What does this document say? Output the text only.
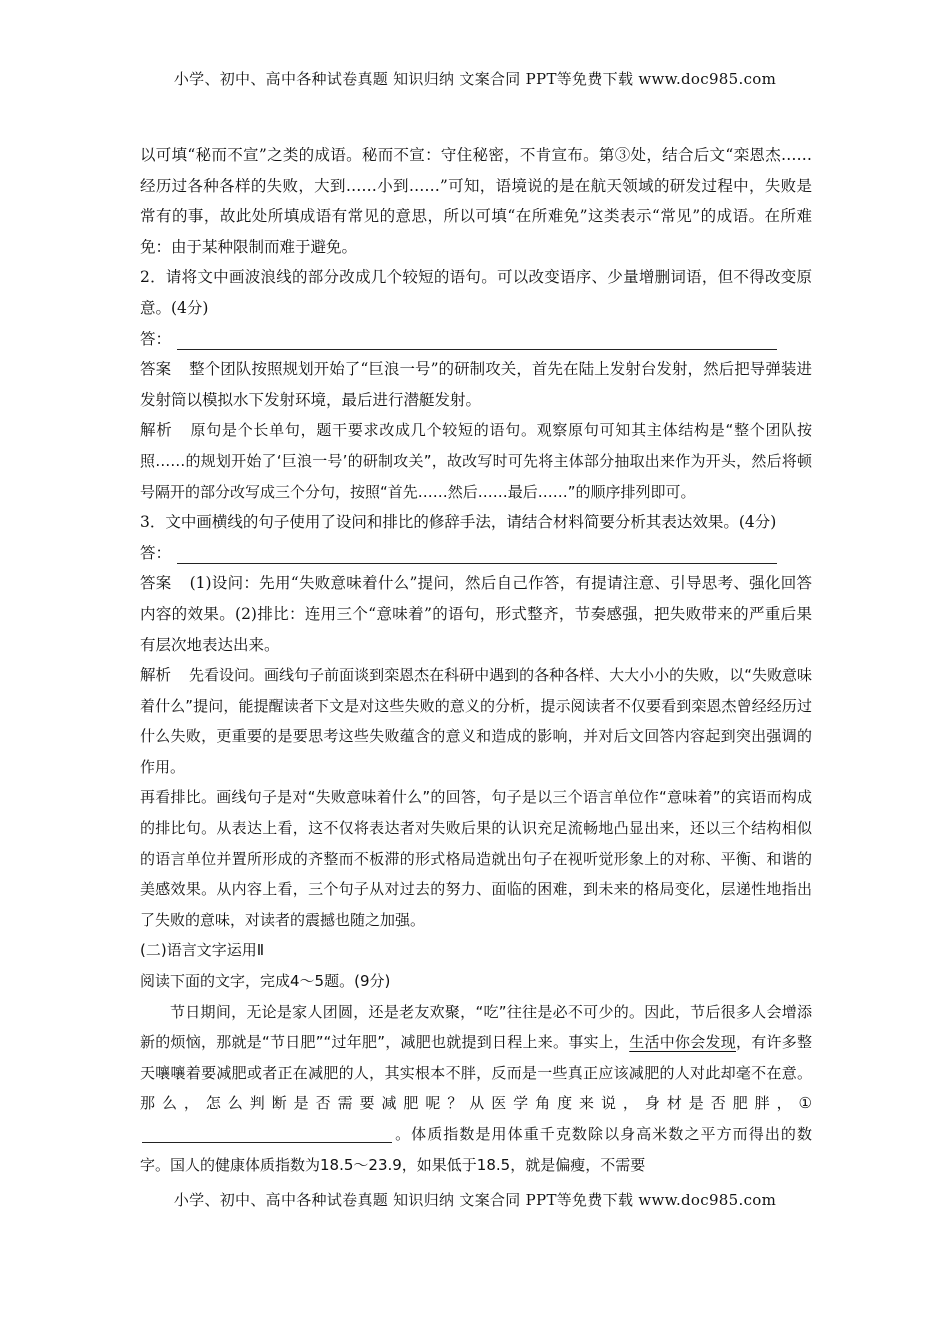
小学、初中、高中各种试卷真题 知识归纳 文案合同 PPT等免费下载 www.doc985.com

以可填“秘而不宣”之类的成语。秘而不宣：守住秘密，不肯宣布。第③处，结合后文“栾恩杰……经历过各种各样的失败，大到……小到……”可知，语境说的是在航天领域的研发过程中，失败是常有的事，故此处所填成语有常见的意思，所以可填“在所难免”这类表示“常见”的成语。在所难免：由于某种限制而难于避免。

2．请将文中画波浪线的部分改成几个较短的语句。可以改变语序、少量增删词语，但不得改变原意。(4分)

答：

答案 整个团队按照规划开始了“巨浪一号”的研制攻关，首先在陆上发射台发射，然后把导弹装进发射筒以模拟水下发射环境，最后进行潜艇发射。

解析 原句是个长单句，题干要求改成几个较短的语句。观察原句可知其主体结构是“整个团队按照……的规划开始了‘巨浪一号’的研制攻关”，故改写时可先将主体部分抽取出来作为开头，然后将顿号隔开的部分改写成三个分句，按照“首先……然后……最后……”的顺序排列即可。

3．文中画横线的句子使用了设问和排比的修辞手法，请结合材料简要分析其表达效果。(4分)

答：

答案 (1)设问：先用“失败意味着什么”提问，然后自己作答，有提请注意、引导思考、强化回答内容的效果。(2)排比：连用三个“意味着”的语句，形式整齐，节奏感强，把失败带来的严重后果有层次地表达出来。

解析 先看设问。画线句子前面谈到栾恩杰在科研中遇到的各种各样、大大小小的失败，以“失败意味着什么”提问，能提醒读者下文是对这些失败的意义的分析，提示阅读者不仅要看到栾恩杰曾经经历过什么失败，更重要的是要思考这些失败蕴含的意义和造成的影响，并对后文回答内容起到突出强调的作用。

再看排比。画线句子是对“失败意味着什么”的回答，句子是以三个语言单位作“意味着”的宾语而构成的排比句。从表达上看，这不仅将表达者对失败后果的认识充足流畅地凸显出来，还以三个结构相似的语言单位并置所形成的齐整而不板滞的形式格局造就出句子在视听觉形象上的对称、平衡、和谐的美感效果。从内容上看，三个句子从对过去的努力、面临的困难，到未来的格局变化，层递性地指出了失败的意味，对读者的震撼也随之加强。

(二)语言文字运用Ⅱ

阅读下面的文字，完成4～5题。(9分)

节日期间，无论是家人团圆，还是老友欢聚，“吃”往往是必不可少的。因此，节后很多人会增添新的烦恼，那就是“节日肥”“过年肥”，减肥也就提到日程上来。事实上，生活中你会发现，有许多整天嚷嚷着要减肥或者正在减肥的人，其实根本不胖，反而是一些真正应该减肥的人对此却毫不在意。那么，怎么判断是否需要减肥呢？从医学角度来说，身材是否肥胖，①。体质指数是用体重千克数除以身高米数之平方而得出的数字。国人的健康体质指数为18.5～23.9，如果低于18.5，就是偏瘦，不需要

小学、初中、高中各种试卷真题 知识归纳 文案合同 PPT等免费下载 www.doc985.com
